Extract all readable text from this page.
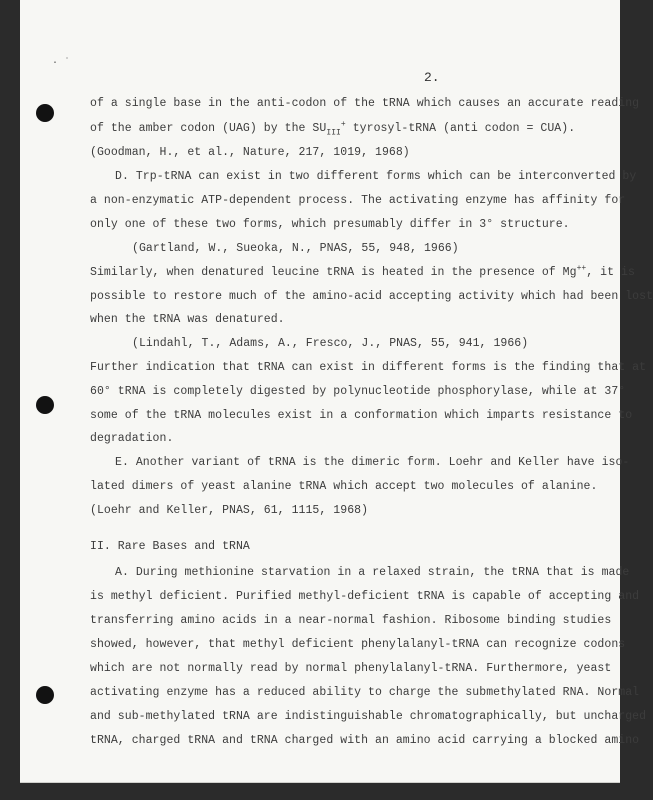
· ˙
2.
of a single base in the anti-codon of the tRNA which causes an accurate reading
of the amber codon (UAG) by the $SU_{III}^+$ tyrosyl-tRNA (anti codon = CUA).
(Goodman, H., et al., Nature, 217, 1019, 1968)
D. Trp-tRNA can exist in two different forms which can be interconverted by
a non-enzymatic ATP-dependent process. The activating enzyme has affinity for
only one of these two forms, which presumably differ in 3° structure.
(Gartland, W., Sueoka, N., PNAS, 55, 948, 1966)
Similarly, when denatured leucine tRNA is heated in the presence of Mg++, it is
possible to restore much of the amino-acid accepting activity which had been lost
when the tRNA was denatured.
(Lindahl, T., Adams, A., Fresco, J., PNAS, 55, 941, 1966)
Further indication that tRNA can exist in different forms is the finding that at
60° tRNA is completely digested by polynucleotide phosphorylase, while at 37°
some of the tRNA molecules exist in a conformation which imparts resistance to
degradation.
E. Another variant of tRNA is the dimeric form. Loehr and Keller have iso-
lated dimers of yeast alanine tRNA which accept two molecules of alanine.
(Loehr and Keller, PNAS, 61, 1115, 1968)
II. Rare Bases and tRNA
A. During methionine starvation in a relaxed strain, the tRNA that is made
is methyl deficient. Purified methyl-deficient tRNA is capable of accepting and
transferring amino acids in a near-normal fashion. Ribosome binding studies
showed, however, that methyl deficient phenylalanyl-tRNA can recognize codons
which are not normally read by normal phenylalanyl-tRNA. Furthermore, yeast
activating enzyme has a reduced ability to charge the submethylated RNA. Normal
and sub-methylated tRNA are indistinguishable chromatographically, but uncharged
tRNA, charged tRNA and tRNA charged with an amino acid carrying a blocked amino
